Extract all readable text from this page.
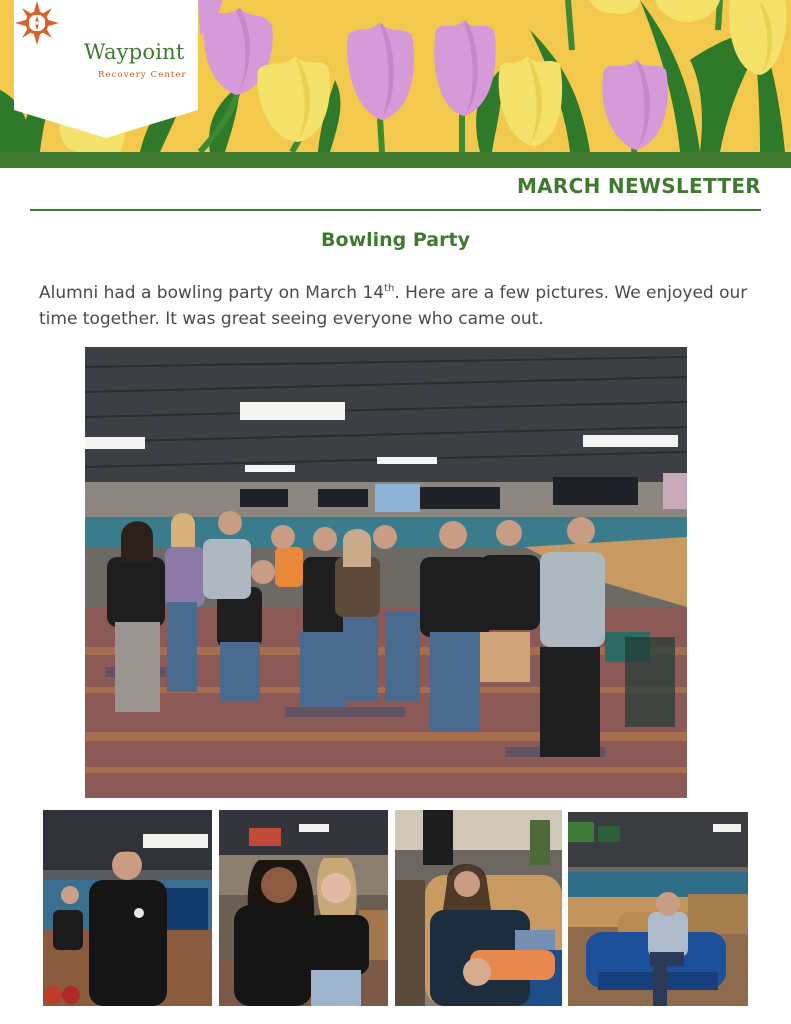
Waypoint
Recovery Center
MARCH NEWSLETTER
Bowling Party
Alumni had a bowling party on March 14th. Here are a few pictures. We enjoyed our time together. It was great seeing everyone who came out.
